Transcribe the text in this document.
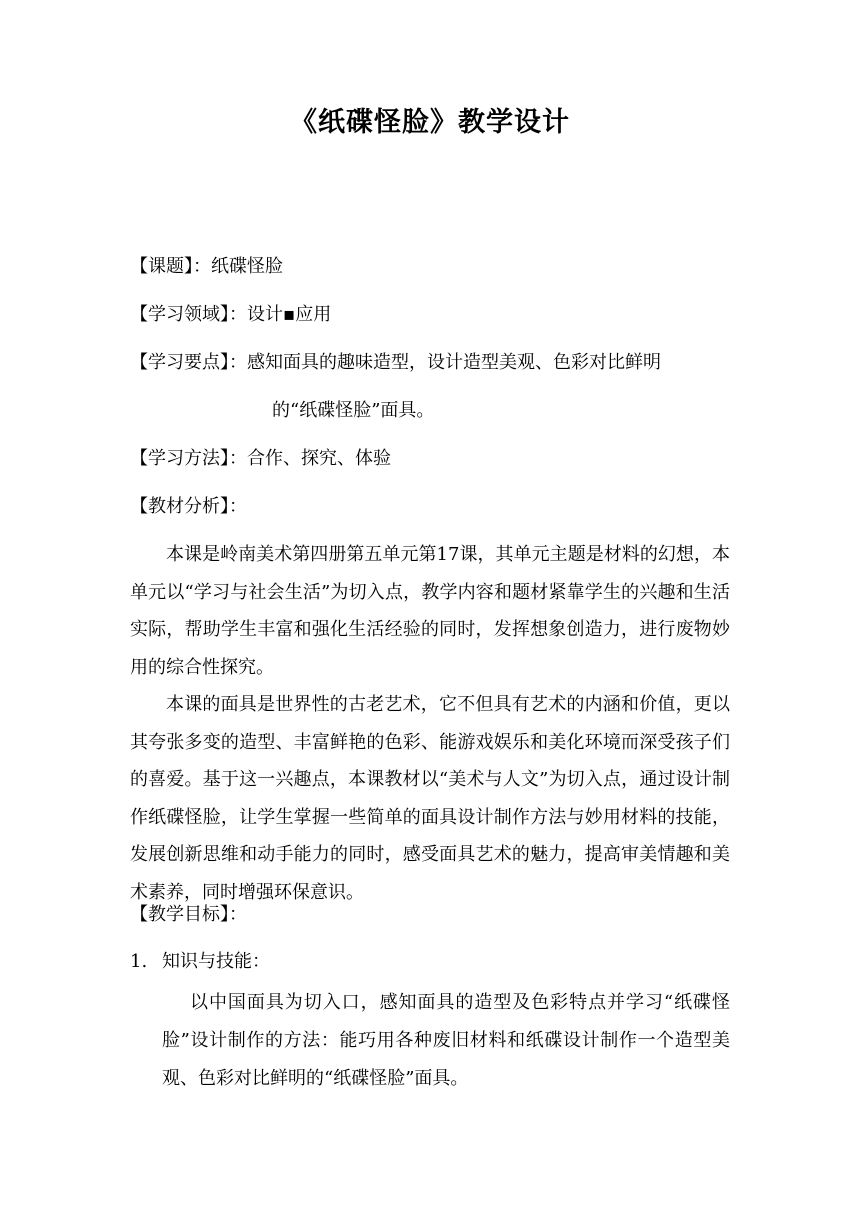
《纸碟怪脸》教学设计
【课题】：纸碟怪脸
【学习领域】：设计▪应用
【学习要点】：感知面具的趣味造型，设计造型美观、色彩对比鲜明
的“纸碟怪脸”面具。
【学习方法】：合作、探究、体验
【教材分析】：
本课是岭南美术第四册第五单元第17课，其单元主题是材料的幻想，本单元以“学习与社会生活”为切入点，教学内容和题材紧靠学生的兴趣和生活实际，帮助学生丰富和强化生活经验的同时，发挥想象创造力，进行废物妙用的综合性探究。
本课的面具是世界性的古老艺术，它不但具有艺术的内涵和价值，更以其夸张多变的造型、丰富鲜艳的色彩、能游戏娱乐和美化环境而深受孩子们的喜爱。基于这一兴趣点，本课教材以“美术与人文”为切入点，通过设计制作纸碟怪脸，让学生掌握一些简单的面具设计制作方法与妙用材料的技能，发展创新思维和动手能力的同时，感受面具艺术的魅力，提高审美情趣和美术素养，同时增强环保意识。
【教学目标】：
1. 知识与技能：
以中国面具为切入口，感知面具的造型及色彩特点并学习“纸碟怪脸”设计制作的方法：能巧用各种废旧材料和纸碟设计制作一个造型美观、色彩对比鲜明的“纸碟怪脸”面具。
